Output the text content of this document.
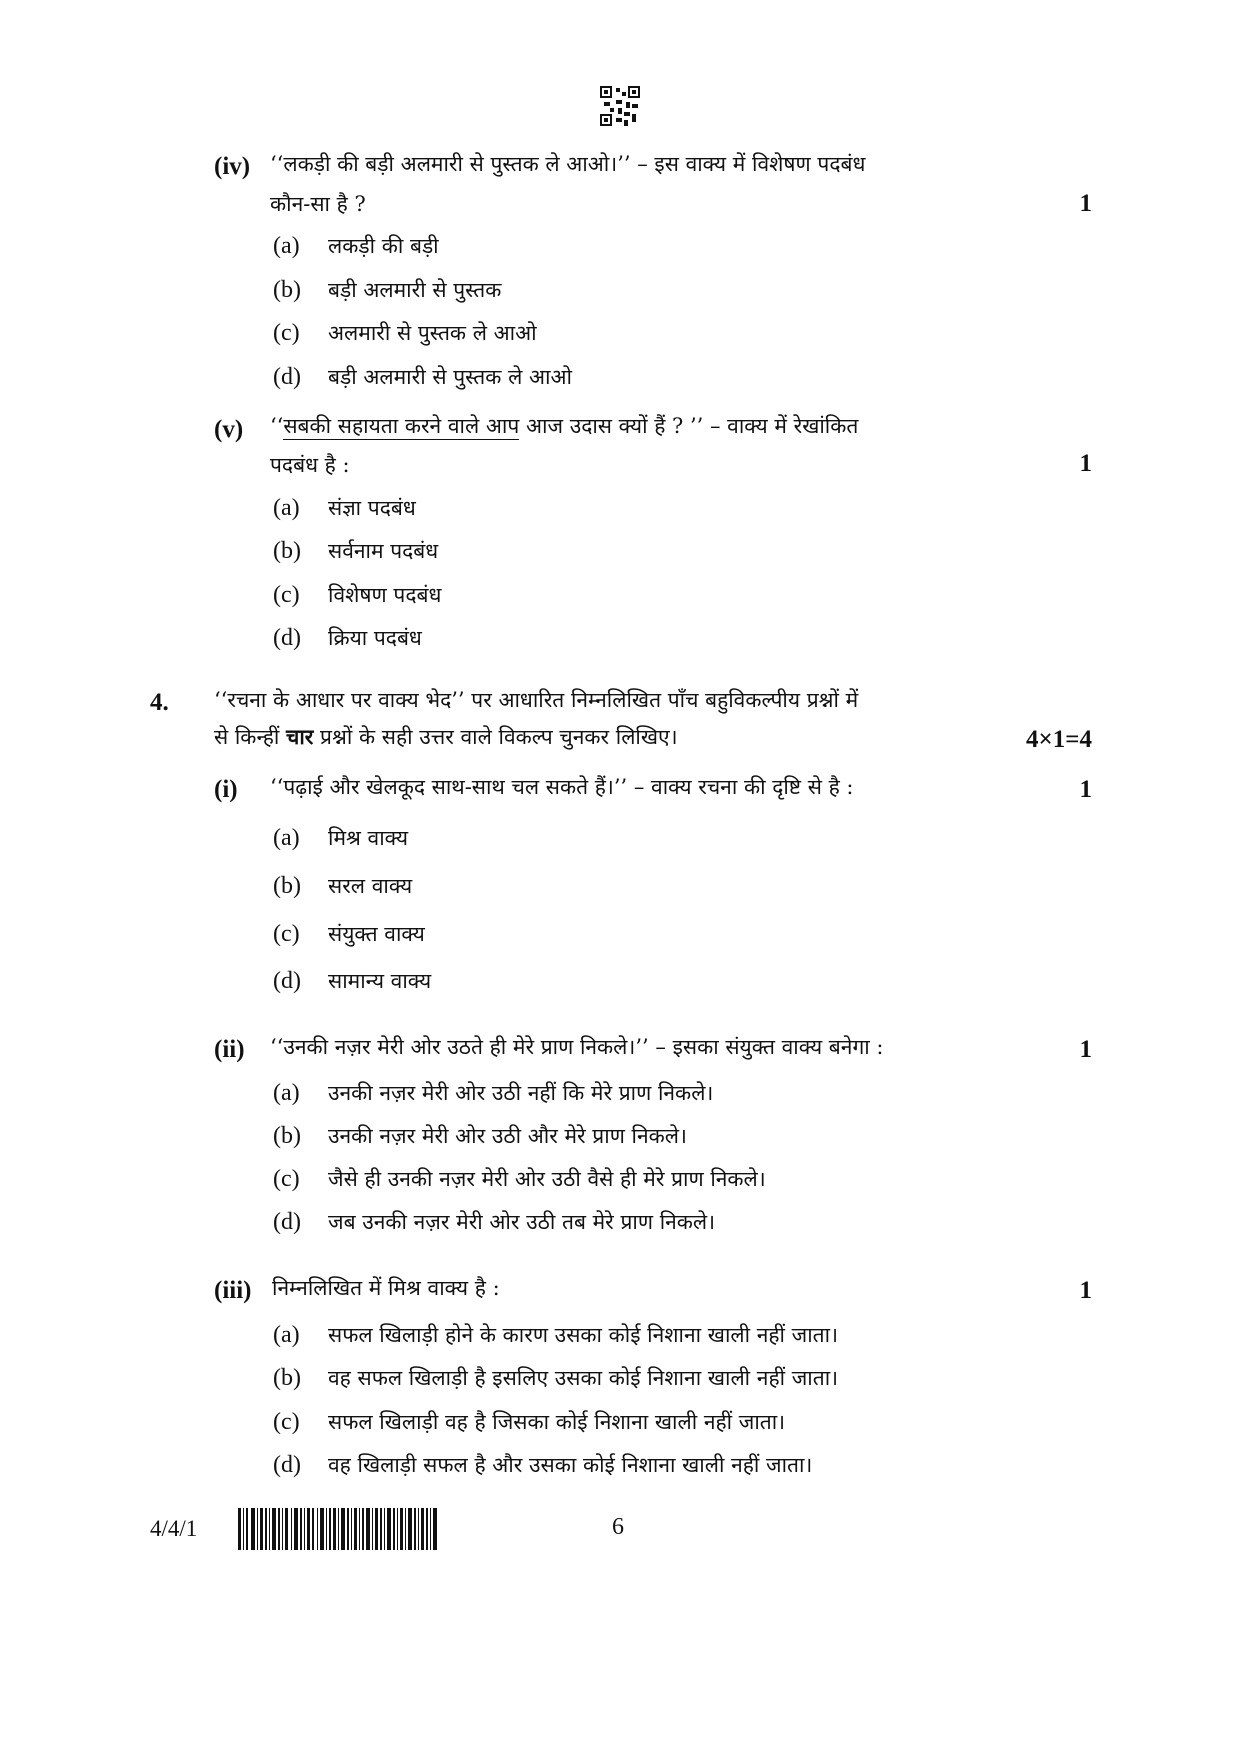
(iv) ‘‘लकड़ी की बड़ी अलमारी से पुस्तक ले आओ।’’ – इस वाक्य में विशेषण पदबंध
कौन-सा है ?	1
(a) लकड़ी की बड़ी
(b) बड़ी अलमारी से पुस्तक
(c) अलमारी से पुस्तक ले आओ
(d) बड़ी अलमारी से पुस्तक ले आओ
(v) ‘‘सबकी सहायता करने वाले आप आज उदास क्यों हैं ? ’’ – वाक्य में रेखांकित
पदबंध है :	1
(a) संज्ञा पदबंध
(b) सर्वनाम पदबंध
(c) विशेषण पदबंध
(d) क्रिया पदबंध
4. ‘‘रचना के आधार पर वाक्य भेद’’ पर आधारित निम्नलिखित पाँच बहुविकल्पीय प्रश्नों में
से किन्हीं चार प्रश्नों के सही उत्तर वाले विकल्प चुनकर लिखिए।	4×1=4
(i) ‘‘पढ़ाई और खेलकूद साथ-साथ चल सकते हैं।’’ – वाक्य रचना की दृष्टि से है :	1
(a) मिश्र वाक्य
(b) सरल वाक्य
(c) संयुक्त वाक्य
(d) सामान्य वाक्य
(ii) ‘‘उनकी नज़र मेरी ओर उठते ही मेरे प्राण निकले।’’ – इसका संयुक्त वाक्य बनेगा :	1
(a) उनकी नज़र मेरी ओर उठी नहीं कि मेरे प्राण निकले।
(b) उनकी नज़र मेरी ओर उठी और मेरे प्राण निकले।
(c) जैसे ही उनकी नज़र मेरी ओर उठी वैसे ही मेरे प्राण निकले।
(d) जब उनकी नज़र मेरी ओर उठी तब मेरे प्राण निकले।
(iii) निम्नलिखित में मिश्र वाक्य है :	1
(a) सफल खिलाड़ी होने के कारण उसका कोई निशाना खाली नहीं जाता।
(b) वह सफल खिलाड़ी है इसलिए उसका कोई निशाना खाली नहीं जाता।
(c) सफल खिलाड़ी वह है जिसका कोई निशाना खाली नहीं जाता।
(d) वह खिलाड़ी सफल है और उसका कोई निशाना खाली नहीं जाता।
4/4/1	6
